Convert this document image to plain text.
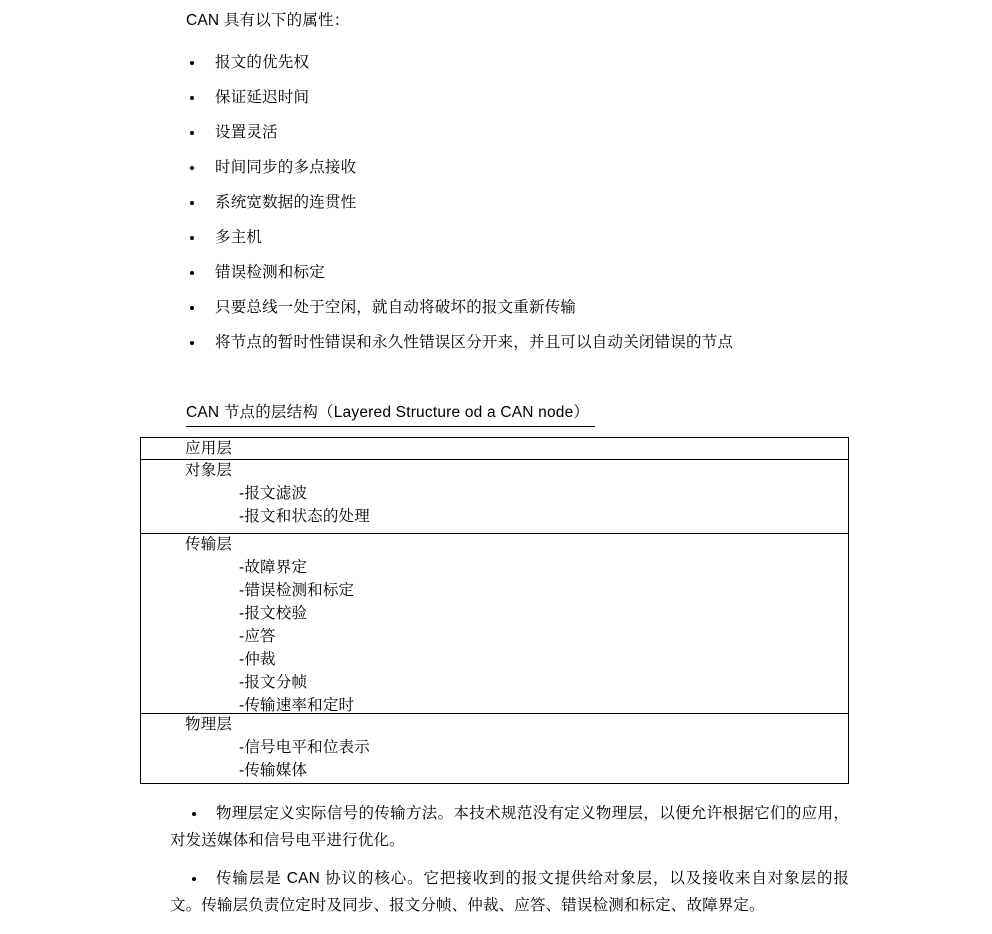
CAN 具有以下的属性：
报文的优先权
保证延迟时间
设置灵活
时间同步的多点接收
系统宽数据的连贯性
多主机
错误检测和标定
只要总线一处于空闲，就自动将破坏的报文重新传输
将节点的暂时性错误和永久性错误区分开来，并且可以自动关闭错误的节点
CAN 节点的层结构（Layered Structure od a CAN node）
应用层
对象层
-报文滤波
-报文和状态的处理
传输层
-故障界定
-错误检测和标定
-报文校验
-应答
-仲裁
-报文分帧
-传输速率和定时
物理层
-信号电平和位表示
-传输媒体
物理层定义实际信号的传输方法。本技术规范没有定义物理层，以便允许根据它们的应用，对发送媒体和信号电平进行优化。
传输层是 CAN 协议的核心。它把接收到的报文提供给对象层，以及接收来自对象层的报文。传输层负责位定时及同步、报文分帧、仲裁、应答、错误检测和标定、故障界定。
